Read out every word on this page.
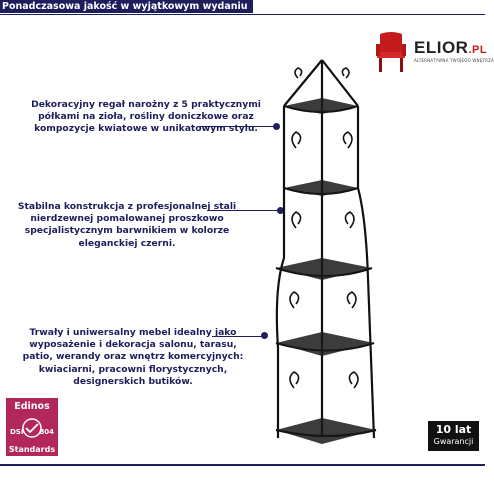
Ponadczasowa jakość w wyjątkowym wydaniu
ELIOR.PL
ALTERNATYWNA TWOJEGO WNĘTRZA
Dekoracyjny regał narożny z 5 praktycznymi półkami na zioła, rośliny doniczkowe oraz kompozycje kwiatowe w unikatowym stylu.
Stabilna konstrukcja z profesjonalnej stali nierdzewnej pomalowanej proszkowo specjalistycznym barwnikiem w kolorze eleganckiej czerni.
Trwały i uniwersalny mebel idealny jako wyposażenie i dekoracja salonu, tarasu, patio, werandy oraz wnętrz komercyjnych: kwiaciarni, pracowni florystycznych, designerskich butików.
Edinos
DSI 804
Standards
10 lat
Gwarancji
